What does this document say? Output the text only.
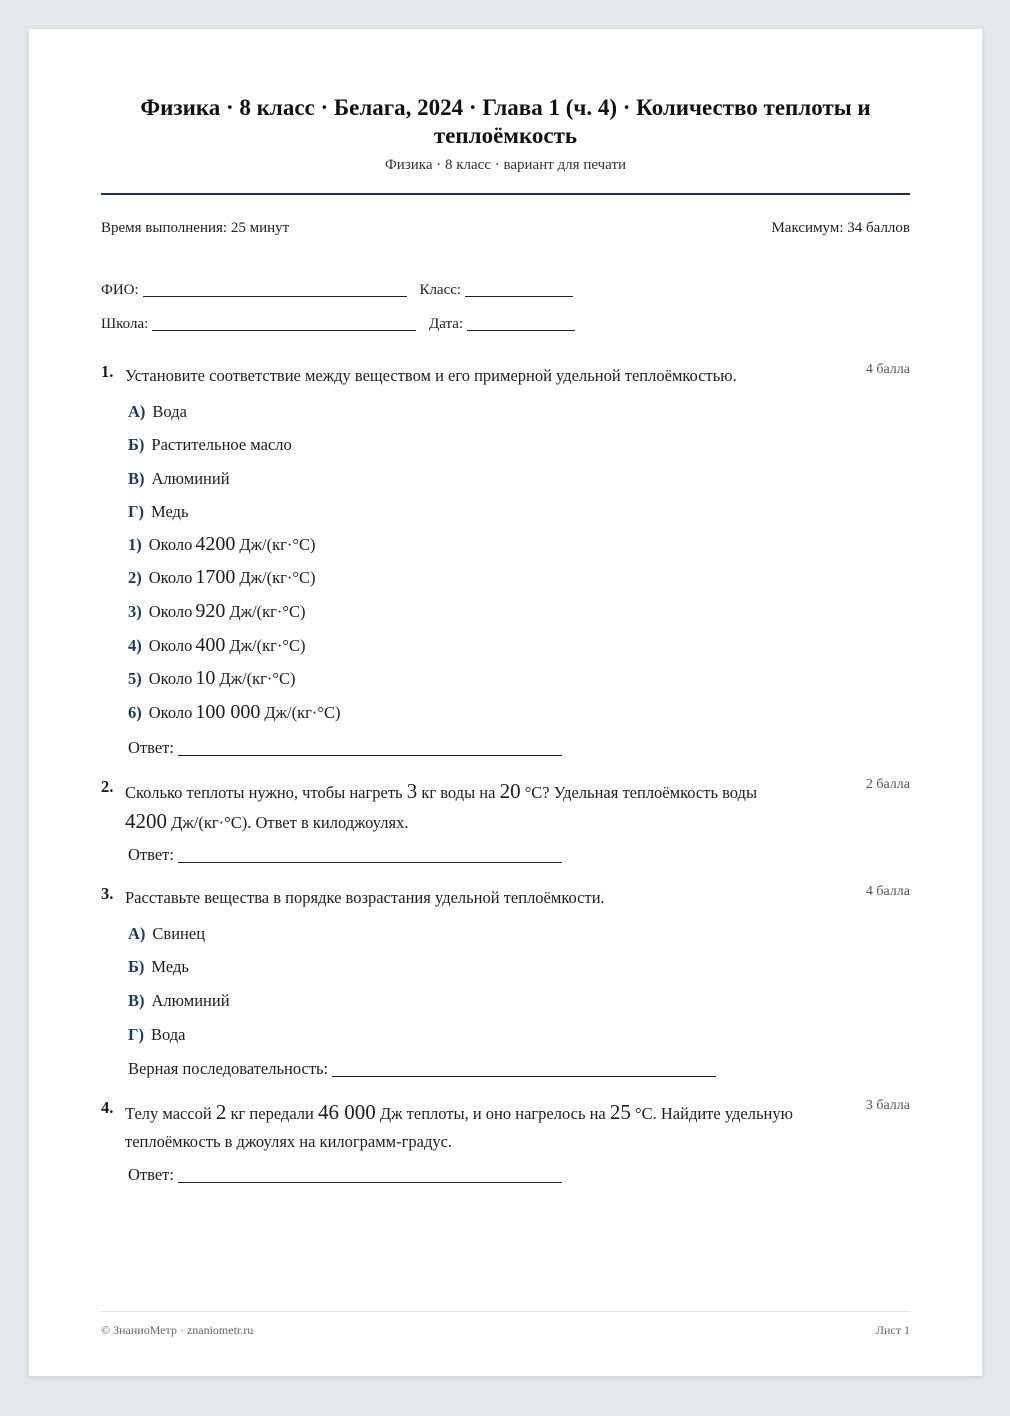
Физика · 8 класс · Белага, 2024 · Глава 1 (ч. 4) · Количество теплоты и теплоёмкость
Физика · 8 класс · вариант для печати
Время выполнения: 25 минут	Максимум: 34 баллов
ФИО:	Класс:
Школа:	Дата:
1. Установите соответствие между веществом и его примерной удельной теплоёмкостью.	4 балла
А) Вода
Б) Растительное масло
В) Алюминий
Г) Медь
1) Около 4200 Дж/(кг·°C)
2) Около 1700 Дж/(кг·°C)
3) Около 920 Дж/(кг·°C)
4) Около 400 Дж/(кг·°C)
5) Около 10 Дж/(кг·°C)
6) Около 100 000 Дж/(кг·°C)
Ответ:
2. Сколько теплоты нужно, чтобы нагреть 3 кг воды на 20 °C? Удельная теплоёмкость воды
4200 Дж/(кг·°C). Ответ в килоджоулях.
2 балла
Ответ:
3. Расставьте вещества в порядке возрастания удельной теплоёмкости.	4 балла
А) Свинец
Б) Медь
В) Алюминий
Г) Вода
Верная последовательность:
4. Телу массой 2 кг передали 46 000 Дж теплоты, и оно нагрелось на 25 °C. Найдите удельную теплоёмкость в джоулях на килограмм-градус.
3 балла
Ответ:
© ЗнаниоМетр · znaniometr.ru	Лист 1
